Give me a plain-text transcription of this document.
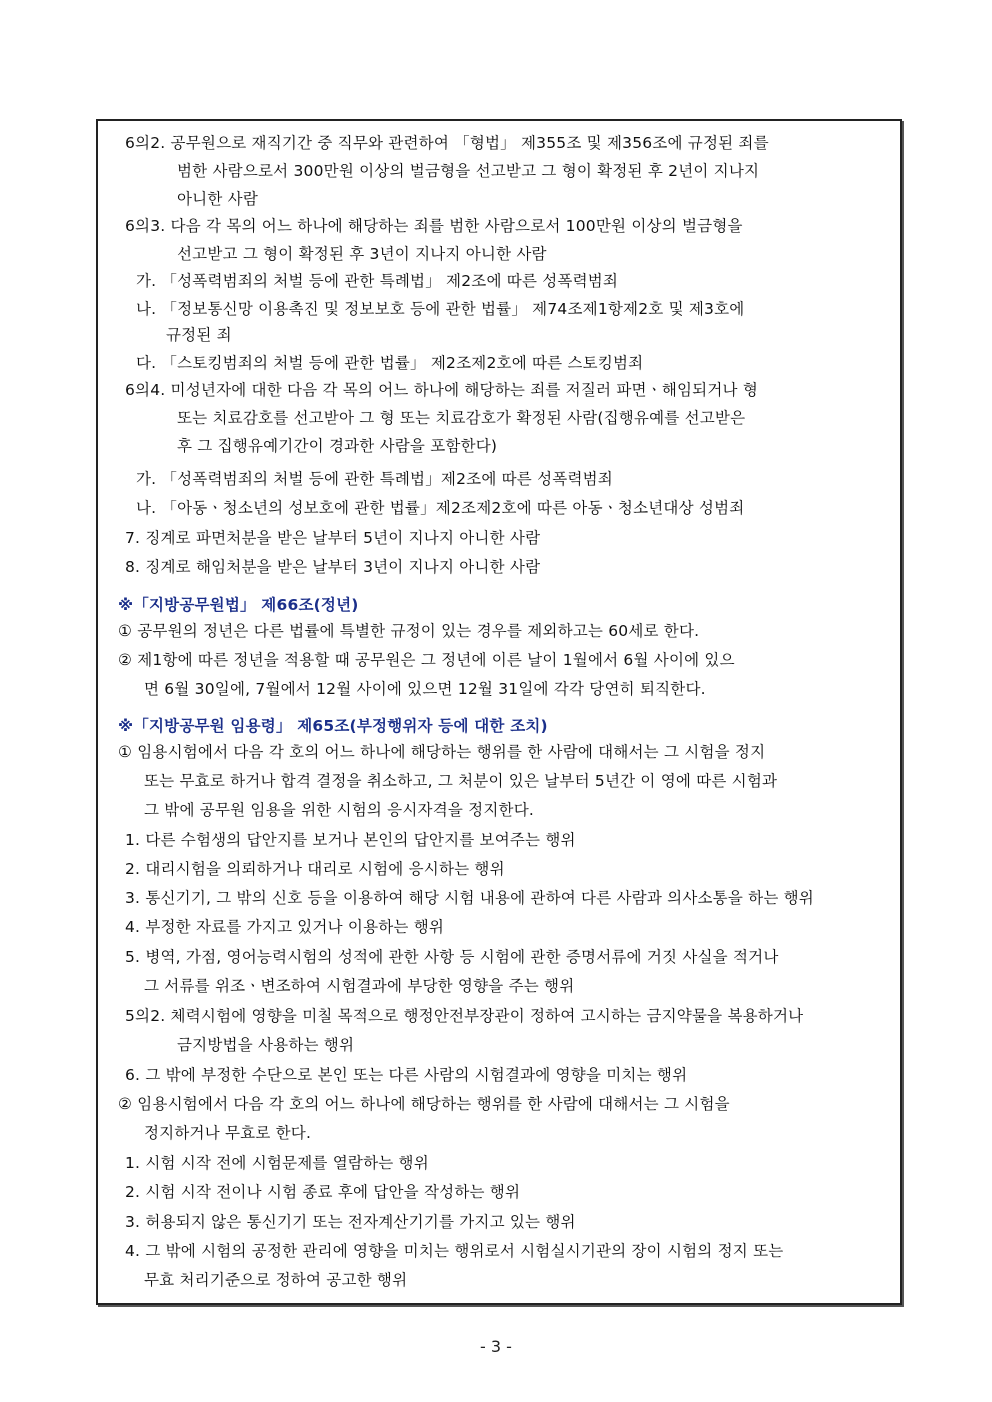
6의2. 공무원으로 재직기간 중 직무와 관련하여 「형법」 제355조 및 제356조에 규정된 죄를
범한 사람으로서 300만원 이상의 벌금형을 선고받고 그 형이 확정된 후 2년이 지나지
아니한 사람
6의3. 다음 각 목의 어느 하나에 해당하는 죄를 범한 사람으로서 100만원 이상의 벌금형을
선고받고 그 형이 확정된 후 3년이 지나지 아니한 사람
가. 「성폭력범죄의 처벌 등에 관한 특례법」 제2조에 따른 성폭력범죄
나. 「정보통신망 이용촉진 및 정보보호 등에 관한 법률」 제74조제1항제2호 및 제3호에
규정된 죄
다. 「스토킹범죄의 처벌 등에 관한 법률」 제2조제2호에 따른 스토킹범죄
6의4. 미성년자에 대한 다음 각 목의 어느 하나에 해당하는 죄를 저질러 파면ㆍ해임되거나 형
또는 치료감호를 선고받아 그 형 또는 치료감호가 확정된 사람(집행유예를 선고받은
후 그 집행유예기간이 경과한 사람을 포함한다)
가. 「성폭력범죄의 처벌 등에 관한 특례법」제2조에 따른 성폭력범죄
나. 「아동ㆍ청소년의 성보호에 관한 법률」제2조제2호에 따른 아동ㆍ청소년대상 성범죄
7. 징계로 파면처분을 받은 날부터 5년이 지나지 아니한 사람
8. 징계로 해임처분을 받은 날부터 3년이 지나지 아니한 사람
※「지방공무원법」 제66조(정년)
① 공무원의 정년은 다른 법률에 특별한 규정이 있는 경우를 제외하고는 60세로 한다.
② 제1항에 따른 정년을 적용할 때 공무원은 그 정년에 이른 날이 1월에서 6월 사이에 있으
면 6월 30일에, 7월에서 12월 사이에 있으면 12월 31일에 각각 당연히 퇴직한다.
※「지방공무원 임용령」 제65조(부정행위자 등에 대한 조치)
① 임용시험에서 다음 각 호의 어느 하나에 해당하는 행위를 한 사람에 대해서는 그 시험을 정지
또는 무효로 하거나 합격 결정을 취소하고, 그 처분이 있은 날부터 5년간 이 영에 따른 시험과
그 밖에 공무원 임용을 위한 시험의 응시자격을 정지한다.
1. 다른 수험생의 답안지를 보거나 본인의 답안지를 보여주는 행위
2. 대리시험을 의뢰하거나 대리로 시험에 응시하는 행위
3. 통신기기, 그 밖의 신호 등을 이용하여 해당 시험 내용에 관하여 다른 사람과 의사소통을 하는 행위
4. 부정한 자료를 가지고 있거나 이용하는 행위
5. 병역, 가점, 영어능력시험의 성적에 관한 사항 등 시험에 관한 증명서류에 거짓 사실을 적거나
그 서류를 위조ㆍ변조하여 시험결과에 부당한 영향을 주는 행위
5의2. 체력시험에 영향을 미칠 목적으로 행정안전부장관이 정하여 고시하는 금지약물을 복용하거나
금지방법을 사용하는 행위
6. 그 밖에 부정한 수단으로 본인 또는 다른 사람의 시험결과에 영향을 미치는 행위
② 임용시험에서 다음 각 호의 어느 하나에 해당하는 행위를 한 사람에 대해서는 그 시험을
정지하거나 무효로 한다.
1. 시험 시작 전에 시험문제를 열람하는 행위
2. 시험 시작 전이나 시험 종료 후에 답안을 작성하는 행위
3. 허용되지 않은 통신기기 또는 전자계산기기를 가지고 있는 행위
4. 그 밖에 시험의 공정한 관리에 영향을 미치는 행위로서 시험실시기관의 장이 시험의 정지 또는
무효 처리기준으로 정하여 공고한 행위
- 3 -
